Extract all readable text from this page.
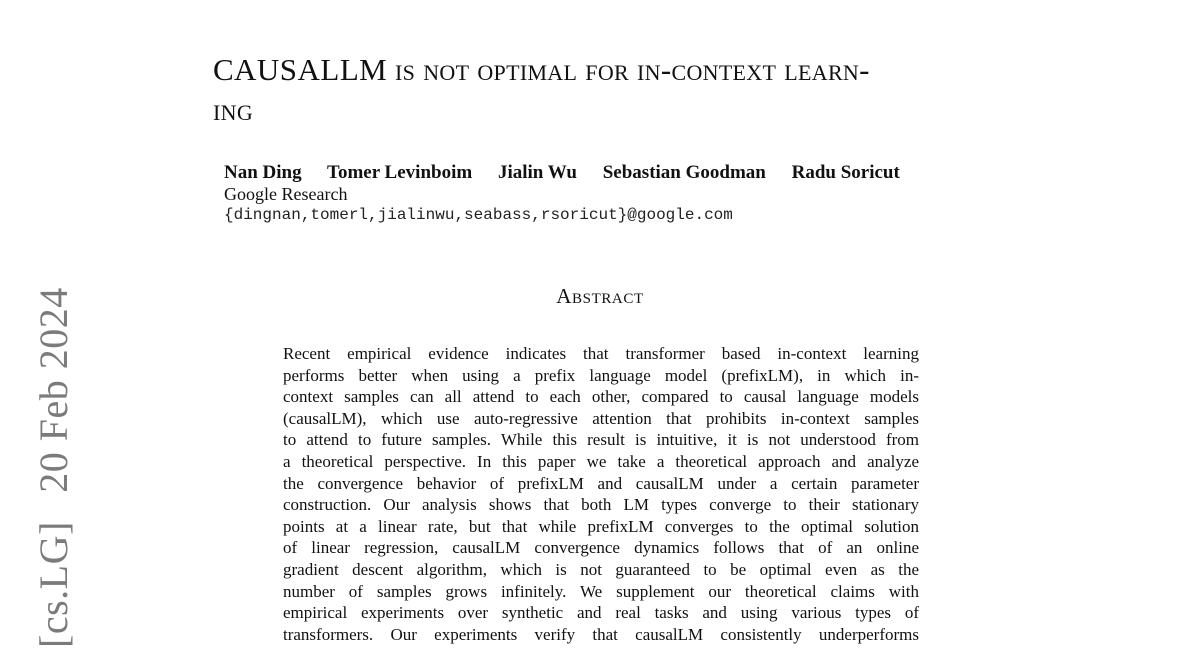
[cs.LG] 20 Feb 2024
CAUSALLM is not optimal for in-context learn-
ing
Nan Ding Tomer Levinboim Jialin Wu Sebastian Goodman Radu Soricut
Google Research
{dingnan,tomerl,jialinwu,seabass,rsoricut}@google.com
Abstract
Recent empirical evidence indicates that transformer based in-context learning
performs better when using a prefix language model (prefixLM), in which in-
context samples can all attend to each other, compared to causal language models
(causalLM), which use auto-regressive attention that prohibits in-context samples
to attend to future samples. While this result is intuitive, it is not understood from
a theoretical perspective. In this paper we take a theoretical approach and analyze
the convergence behavior of prefixLM and causalLM under a certain parameter
construction. Our analysis shows that both LM types converge to their stationary
points at a linear rate, but that while prefixLM converges to the optimal solution
of linear regression, causalLM convergence dynamics follows that of an online
gradient descent algorithm, which is not guaranteed to be optimal even as the
number of samples grows infinitely. We supplement our theoretical claims with
empirical experiments over synthetic and real tasks and using various types of
transformers. Our experiments verify that causalLM consistently underperforms
